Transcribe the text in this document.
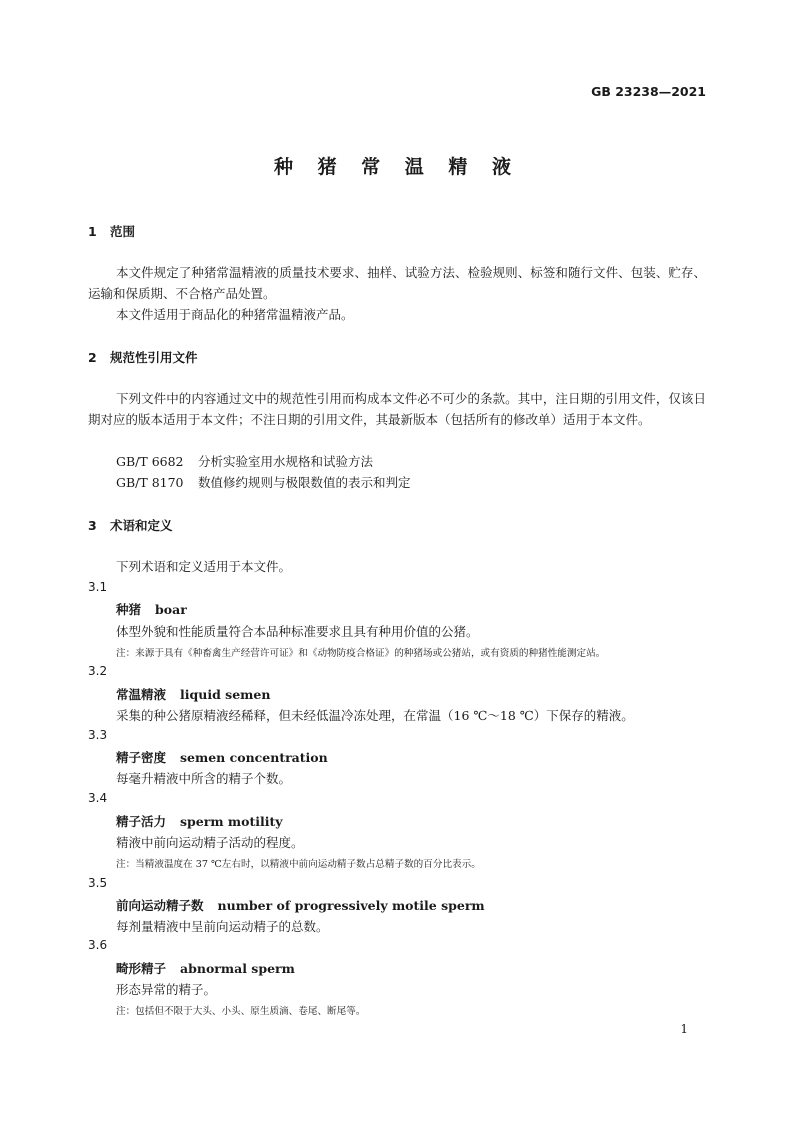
GB 23238—2021
种 猪 常 温 精 液
1 范围
本文件规定了种猪常温精液的质量技术要求、抽样、试验方法、检验规则、标签和随行文件、包装、贮存、运输和保质期、不合格产品处置。
本文件适用于商品化的种猪常温精液产品。
2 规范性引用文件
下列文件中的内容通过文中的规范性引用而构成本文件必不可少的条款。其中，注日期的引用文件，仅该日期对应的版本适用于本文件；不注日期的引用文件，其最新版本（包括所有的修改单）适用于本文件。
GB/T 6682 分析实验室用水规格和试验方法
GB/T 8170 数值修约规则与极限数值的表示和判定
3 术语和定义
下列术语和定义适用于本文件。
3.1
种猪 boar
体型外貌和性能质量符合本品种标准要求且具有种用价值的公猪。
注：来源于具有《种畜禽生产经营许可证》和《动物防疫合格证》的种猪场或公猪站，或有资质的种猪性能测定站。
3.2
常温精液 liquid semen
采集的种公猪原精液经稀释，但未经低温冷冻处理，在常温（16 ℃～18 ℃）下保存的精液。
3.3
精子密度 semen concentration
每毫升精液中所含的精子个数。
3.4
精子活力 sperm motility
精液中前向运动精子活动的程度。
注：当精液温度在 37 ℃左右时，以精液中前向运动精子数占总精子数的百分比表示。
3.5
前向运动精子数 number of progressively motile sperm
每剂量精液中呈前向运动精子的总数。
3.6
畸形精子 abnormal sperm
形态异常的精子。
注：包括但不限于大头、小头、原生质滴、卷尾、断尾等。
1
